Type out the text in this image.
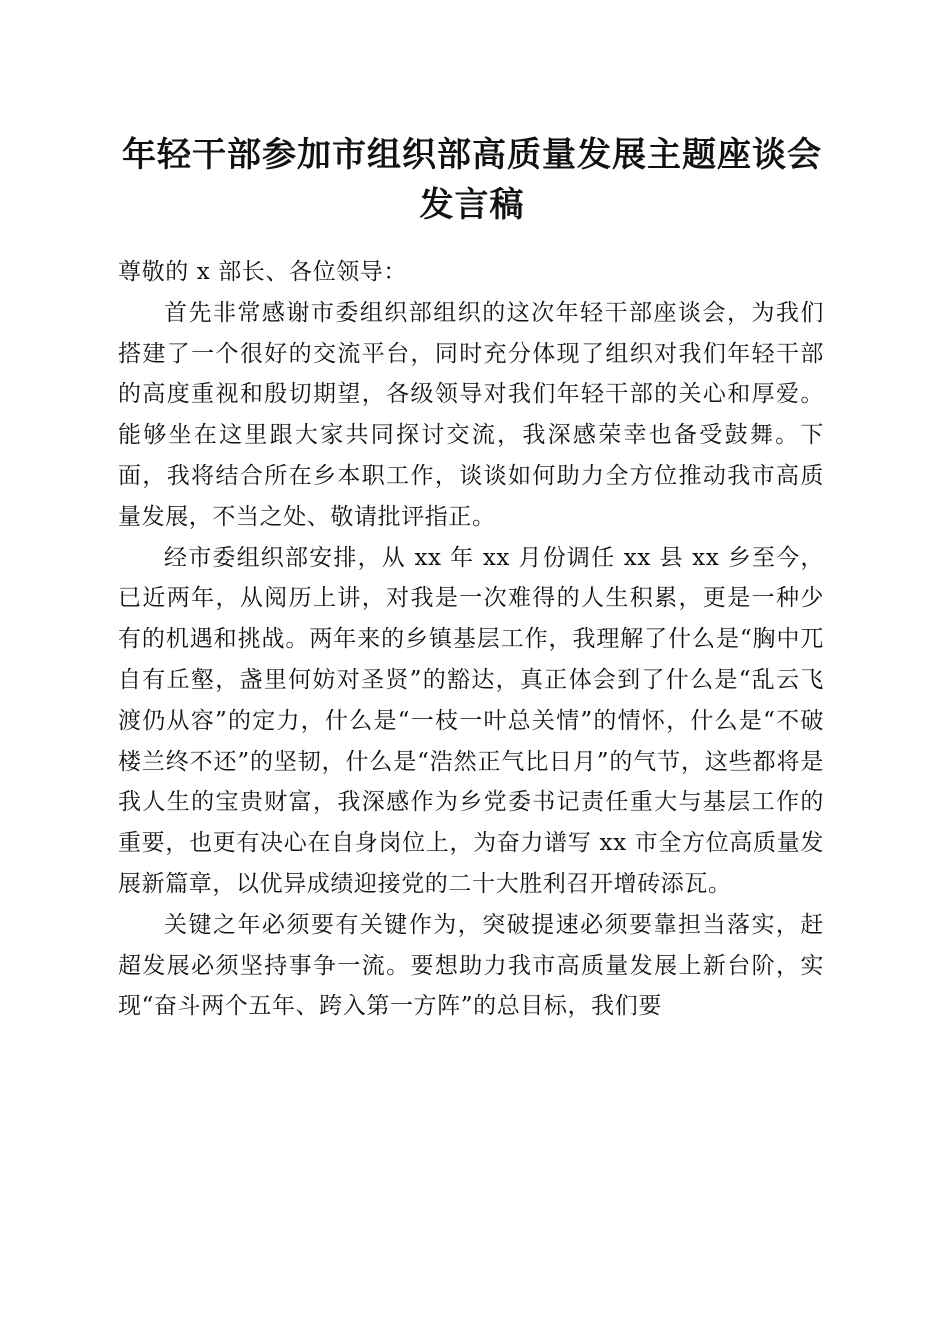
年轻干部参加市组织部高质量发展主题座谈会
发言稿

尊敬的 x 部长、各位领导：

首先非常感谢市委组织部组织的这次年轻干部座谈会，为我们搭建了一个很好的交流平台，同时充分体现了组织对我们年轻干部的高度重视和殷切期望，各级领导对我们年轻干部的关心和厚爱。能够坐在这里跟大家共同探讨交流，我深感荣幸也备受鼓舞。下面，我将结合所在乡本职工作，谈谈如何助力全方位推动我市高质量发展，不当之处、敬请批评指正。

经市委组织部安排，从 xx 年 xx 月份调任 xx 县 xx 乡至今，已近两年，从阅历上讲，对我是一次难得的人生积累，更是一种少有的机遇和挑战。两年来的乡镇基层工作，我理解了什么是“胸中兀自有丘壑，盏里何妨对圣贤”的豁达，真正体会到了什么是“乱云飞渡仍从容”的定力，什么是“一枝一叶总关情”的情怀，什么是“不破楼兰终不还”的坚韧，什么是“浩然正气比日月”的气节，这些都将是我人生的宝贵财富，我深感作为乡党委书记责任重大与基层工作的重要，也更有决心在自身岗位上，为奋力谱写 xx 市全方位高质量发展新篇章，以优异成绩迎接党的二十大胜利召开增砖添瓦。

关键之年必须要有关键作为，突破提速必须要靠担当落实，赶超发展必须坚持事争一流。要想助力我市高质量发展上新台阶，实现“奋斗两个五年、跨入第一方阵”的总目标，我们要
